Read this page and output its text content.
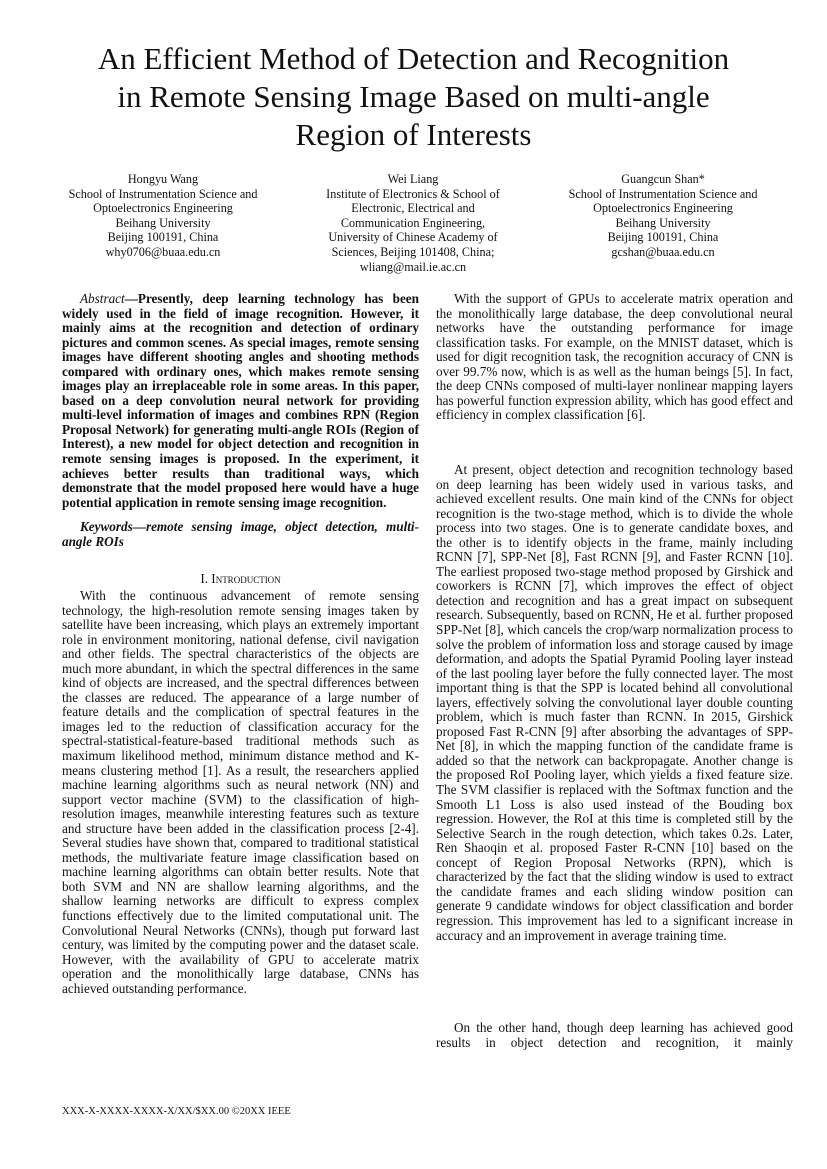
An Efficient Method of Detection and Recognition
in Remote Sensing Image Based on multi-angle
Region of Interests
Hongyu Wang
School of Instrumentation Science and
Optoelectronics Engineering
Beihang University
Beijing 100191, China
why0706@buaa.edu.cn
Wei Liang
Institute of Electronics & School of
Electronic, Electrical and
Communication Engineering,
University of Chinese Academy of
Sciences, Beijing 101408, China;
wliang@mail.ie.ac.cn
Guangcun Shan*
School of Instrumentation Science and
Optoelectronics Engineering
Beihang University
Beijing 100191, China
gcshan@buaa.edu.cn

Abstract—Presently, deep learning technology has been widely used in the field of image recognition. However, it mainly aims at the recognition and detection of ordinary pictures and common scenes. As special images, remote sensing images have different shooting angles and shooting methods compared with ordinary ones, which makes remote sensing images play an irreplaceable role in some areas. In this paper, based on a deep convolution neural network for providing multi-level information of images and combines RPN (Region Proposal Network) for generating multi-angle ROIs (Region of Interest), a new model for object detection and recognition in remote sensing images is proposed. In the experiment, it achieves better results than traditional ways, which demonstrate that the model proposed here would have a huge potential application in remote sensing image recognition.

Keywords—remote sensing image, object detection, multi-angle ROIs

I. Introduction

With the continuous advancement of remote sensing technology, the high-resolution remote sensing images taken by satellite have been increasing, which plays an extremely important role in environment monitoring, national defense, civil navigation and other fields. The spectral characteristics of the objects are much more abundant, in which the spectral differences in the same kind of objects are increased, and the spectral differences between the classes are reduced. The appearance of a large number of feature details and the complication of spectral features in the images led to the reduction of classification accuracy for the spectral-statistical-feature-based traditional methods such as maximum likelihood method, minimum distance method and K-means clustering method [1]. As a result, the researchers applied machine learning algorithms such as neural network (NN) and support vector machine (SVM) to the classification of high-resolution images, meanwhile interesting features such as texture and structure have been added in the classification process [2-4]. Several studies have shown that, compared to traditional statistical methods, the multivariate feature image classification based on machine learning algorithms can obtain better results. Note that both SVM and NN are shallow learning algorithms, and the shallow learning networks are difficult to express complex functions effectively due to the limited computational unit. The Convolutional Neural Networks (CNNs), though put forward last century, was limited by the computing power and the dataset scale. However, with the availability of GPU to accelerate matrix operation and the monolithically large database, CNNs has achieved outstanding performance.

With the support of GPUs to accelerate matrix operation and the monolithically large database, the deep convolutional neural networks have the outstanding performance for image classification tasks. For example, on the MNIST dataset, which is used for digit recognition task, the recognition accuracy of CNN is over 99.7% now, which is as well as the human beings [5]. In fact, the deep CNNs composed of multi-layer nonlinear mapping layers has powerful function expression ability, which has good effect and efficiency in complex classification [6].

At present, object detection and recognition technology based on deep learning has been widely used in various tasks, and achieved excellent results. One main kind of the CNNs for object recognition is the two-stage method, which is to divide the whole process into two stages. One is to generate candidate boxes, and the other is to identify objects in the frame, mainly including RCNN [7], SPP-Net [8], Fast RCNN [9], and Faster RCNN [10]. The earliest proposed two-stage method proposed by Girshick and coworkers is RCNN [7], which improves the effect of object detection and recognition and has a great impact on subsequent research. Subsequently, based on RCNN, He et al. further proposed SPP-Net [8], which cancels the crop/warp normalization process to solve the problem of information loss and storage caused by image deformation, and adopts the Spatial Pyramid Pooling layer instead of the last pooling layer before the fully connected layer. The most important thing is that the SPP is located behind all convolutional layers, effectively solving the convolutional layer double counting problem, which is much faster than RCNN. In 2015, Girshick proposed Fast R-CNN [9] after absorbing the advantages of SPP-Net [8], in which the mapping function of the candidate frame is added so that the network can backpropagate. Another change is the proposed RoI Pooling layer, which yields a fixed feature size. The SVM classifier is replaced with the Softmax function and the Smooth L1 Loss is also used instead of the Bouding box regression. However, the RoI at this time is completed still by the Selective Search in the rough detection, which takes 0.2s. Later, Ren Shaoqin et al. proposed Faster R-CNN [10] based on the concept of Region Proposal Networks (RPN), which is characterized by the fact that the sliding window is used to extract the candidate frames and each sliding window position can generate 9 candidate windows for object classification and border regression. This improvement has led to a significant increase in accuracy and an improvement in average training time.

On the other hand, though deep learning has achieved good results in object detection and recognition, it mainly

XXX-X-XXXX-XXXX-X/XX/$XX.00 ©20XX IEEE
